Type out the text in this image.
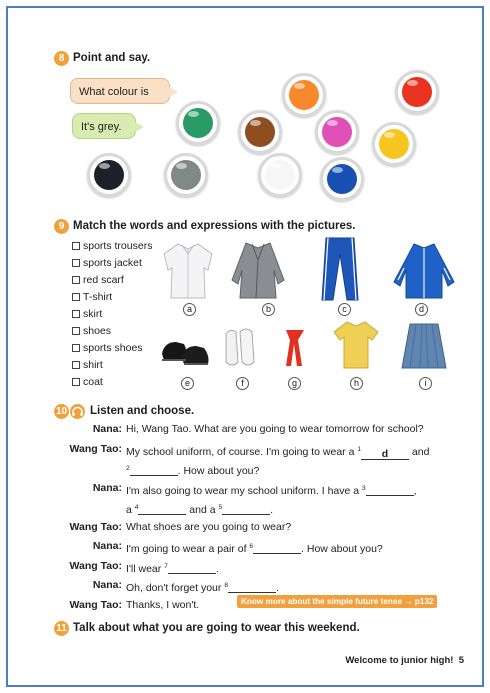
8 Point and say.
What colour is
It's grey.
9 Match the words and expressions with the pictures.
sports trousers
sports jacket
red scarf
T-shirt
skirt
shoes
sports shoes
shirt
coat
a	b	c	d
e	f	g	h	i
10 Listen and choose.
Nana: Hi, Wang Tao. What are you going to wear tomorrow for school?
Wang Tao: My school uniform, of course. I'm going to wear a $^1$ d and
$^2$	. How about you?
Nana: I'm also going to wear my school uniform. I have a $^3$	,
a $^4$	and a $^5$	.
Wang Tao: What shoes are you going to wear?
Nana: I'm going to wear a pair of $^6$	. How about you?
Wang Tao: I'll wear $^7$	.
Nana: Oh, don't forget your $^8$	.
Wang Tao: Thanks, I won't.	Know more about the simple future tense → p132
11 Talk about what you are going to wear this weekend.
Welcome to junior high! 5
